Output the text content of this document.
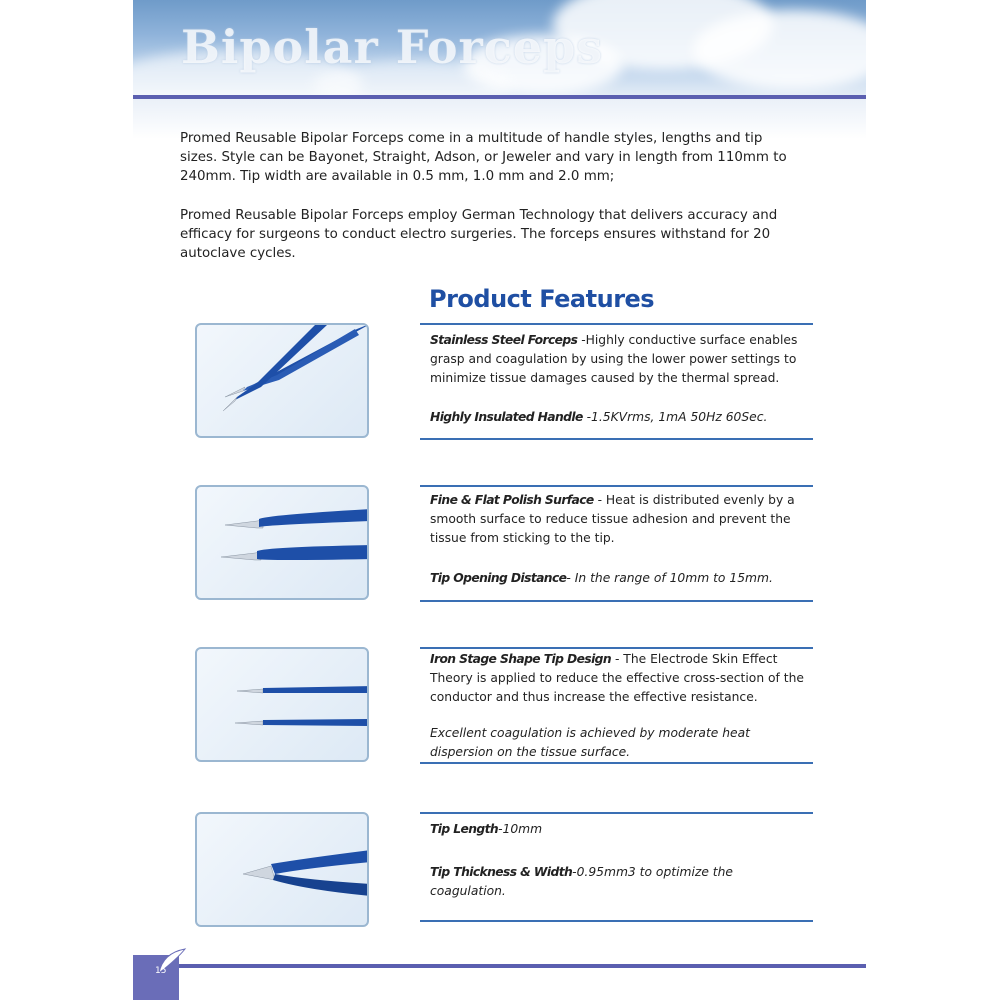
Bipolar Forceps

Promed Reusable Bipolar Forceps come in a multitude of handle styles, lengths and tip sizes. Style can be Bayonet, Straight, Adson, or Jeweler and vary in length from 110mm to 240mm. Tip width are available in 0.5 mm, 1.0 mm and 2.0 mm;

Promed Reusable Bipolar Forceps employ German Technology that delivers accuracy and efficacy for surgeons to conduct electro surgeries. The forceps ensures withstand for 20 autoclave cycles.

Product Features

Stainless Steel Forceps -Highly conductive surface enables grasp and coagulation by using the lower power settings to minimize tissue damages caused by the thermal spread.

Highly Insulated Handle -1.5KVrms, 1mA 50Hz 60Sec.

Fine & Flat Polish Surface - Heat is distributed evenly by a smooth surface to reduce tissue adhesion and prevent the tissue from sticking to the tip.

Tip Opening Distance- In the range of 10mm to 15mm.

Iron Stage Shape Tip Design - The Electrode Skin Effect Theory is applied to reduce the effective cross-section of the conductor and thus increase the effective resistance.

Excellent coagulation is achieved by moderate heat dispersion on the tissue surface.

Tip Length-10mm

Tip Thickness & Width-0.95mm3 to optimize the coagulation.

15
